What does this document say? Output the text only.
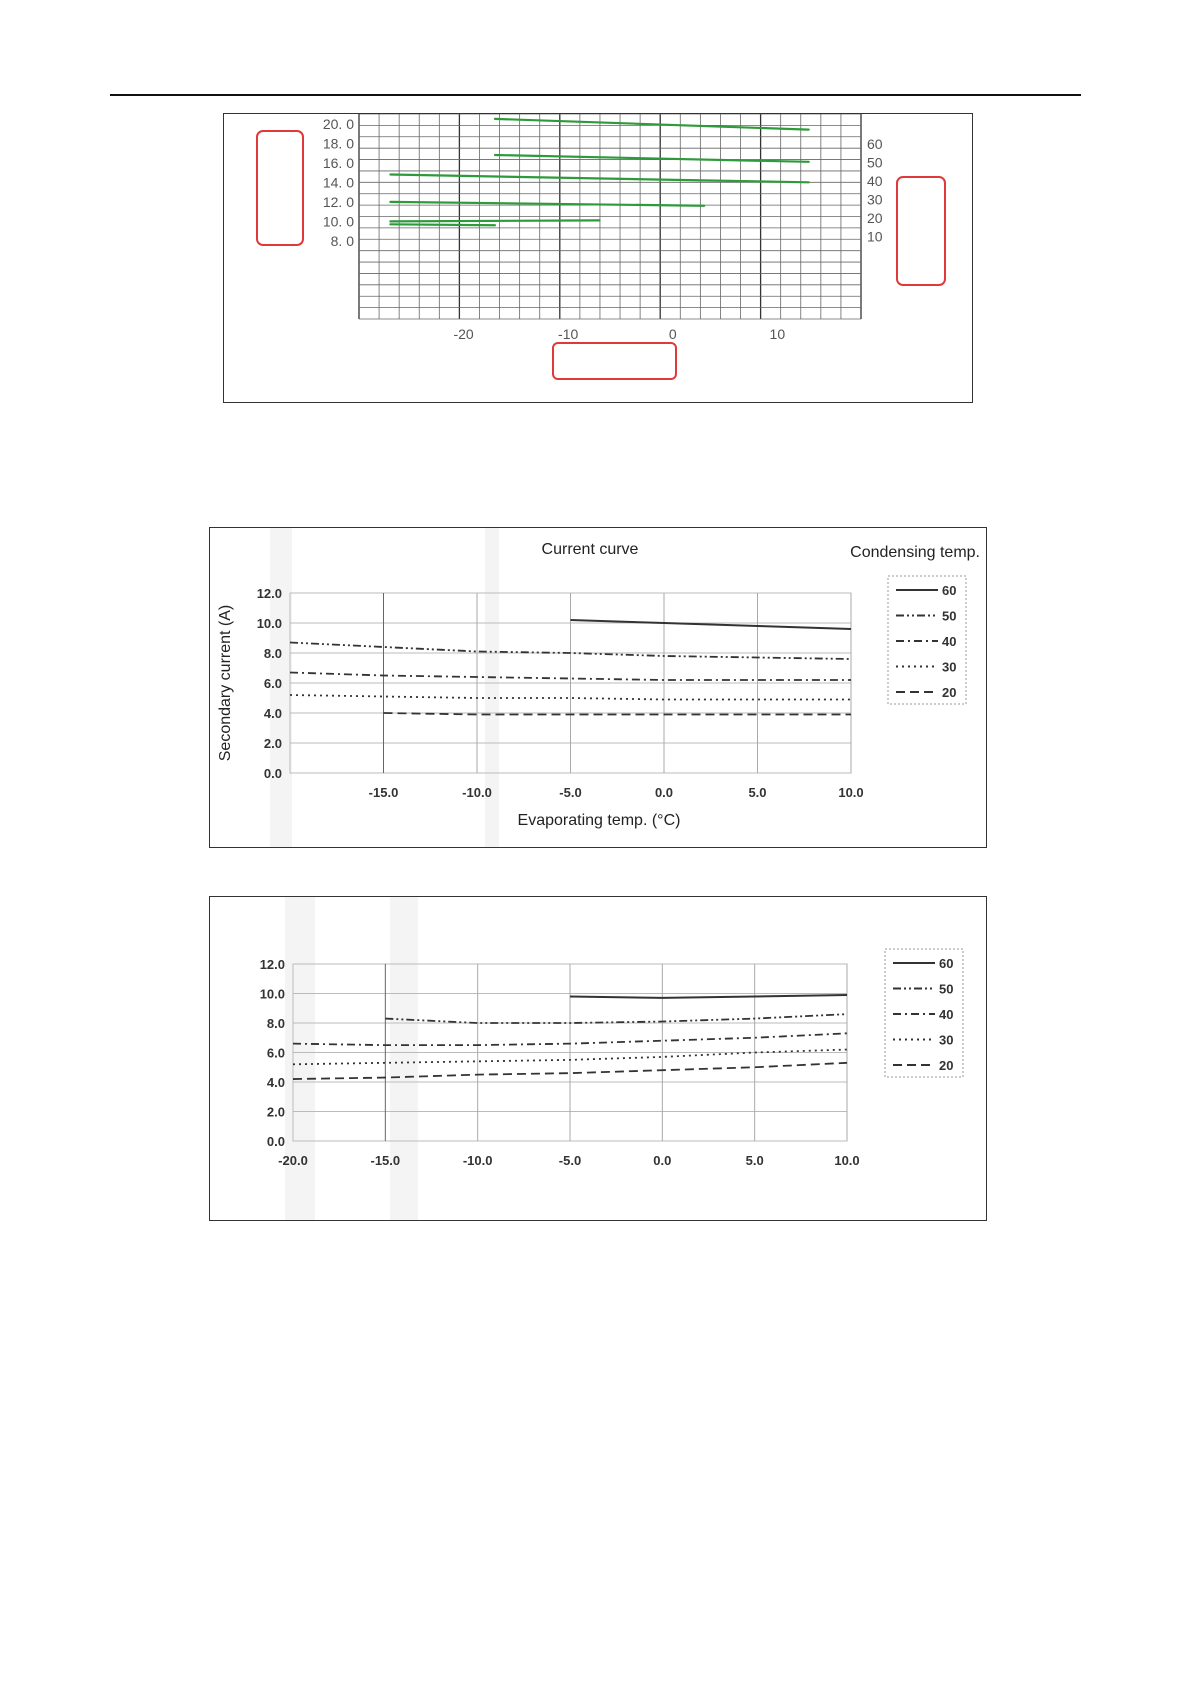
20. 0
18. 0
16. 0
14. 0
12. 0
10. 0
8. 0
60
50
40
30
20
10
-20	-10	0	10
12.0
10.0
8.0
6.0
4.0
2.0
0.0
-15.0	-10.0	-5.0	0.0	5.0	10.0
60
50
40
30
20
Current curve	Condensing temp.
Evaporating temp. (°C)
Secondary current (A)
12.0
10.0
8.0
6.0
4.0
2.0
0.0
-20.0	-15.0	-10.0	-5.0	0.0	5.0	10.0
60
50
40
30
20
